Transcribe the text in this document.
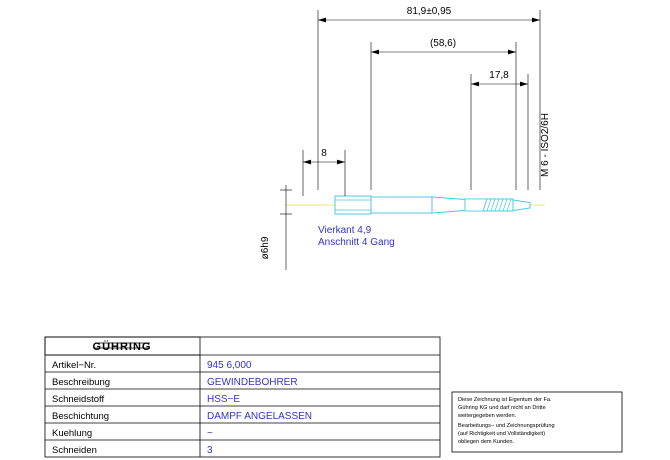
81,9±0,95
(58,6)
17,8
8	M 6 - ISO2/6H
ø6h9
Vierkant 4,9
Anschnitt 4 Gang
GÜHRING
Artikel−Nr.
Beschreibung
Schneidstoff
Beschichtung
Kuehlung
Schneiden
945 6,000
GEWINDEBOHRER
HSS−E
DAMPF ANGELASSEN
−
3
Diese Zeichnung ist Eigentum der Fa.
Gühring KG und darf nicht an Dritte
weitergegeben werden.
Bearbeitungs− und Zeichnungsprüfung
(auf Richtigkeit und Vollständigkeit)
obliegen dem Kunden.
